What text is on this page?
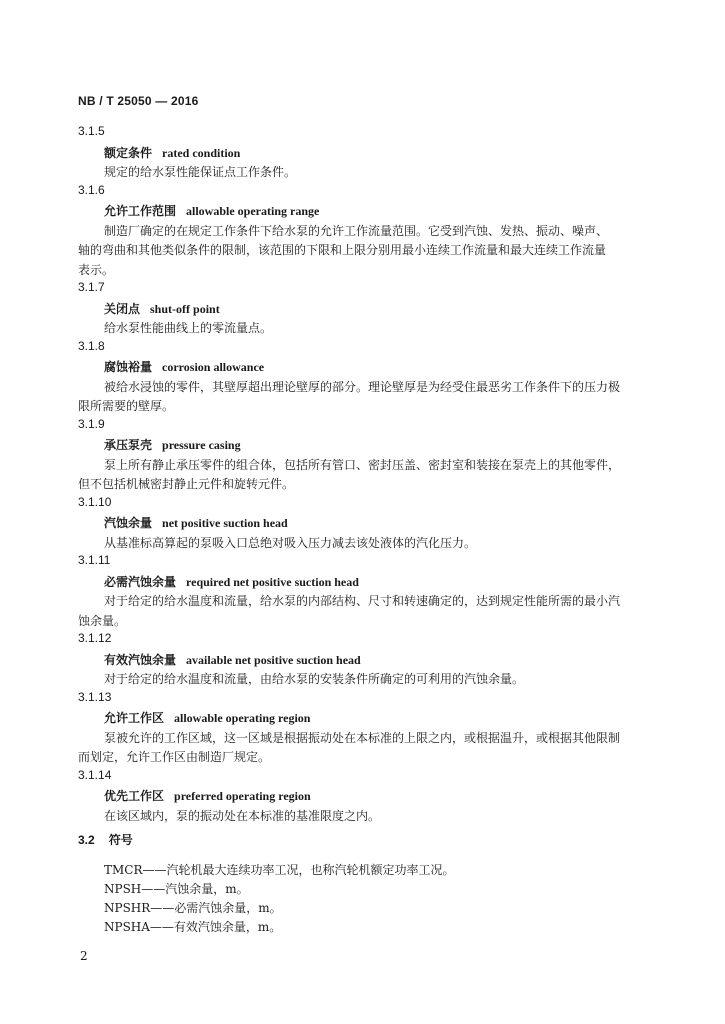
NB / T 25050 — 2016
3.1.5
额定条件 rated condition
规定的给水泵性能保证点工作条件。
3.1.6
允许工作范围 allowable operating range
制造厂确定的在规定工作条件下给水泵的允许工作流量范围。它受到汽蚀、发热、振动、噪声、
轴的弯曲和其他类似条件的限制，该范围的下限和上限分别用最小连续工作流量和最大连续工作流量
表示。
3.1.7
关闭点 shut-off point
给水泵性能曲线上的零流量点。
3.1.8
腐蚀裕量 corrosion allowance
被给水浸蚀的零件，其壁厚超出理论壁厚的部分。理论壁厚是为经受住最恶劣工作条件下的压力极
限所需要的壁厚。
3.1.9
承压泵壳 pressure casing
泵上所有静止承压零件的组合体，包括所有管口、密封压盖、密封室和装接在泵壳上的其他零件，
但不包括机械密封静止元件和旋转元件。
3.1.10
汽蚀余量 net positive suction head
从基准标高算起的泵吸入口总绝对吸入压力减去该处液体的汽化压力。
3.1.11
必需汽蚀余量 required net positive suction head
对于给定的给水温度和流量，给水泵的内部结构、尺寸和转速确定的，达到规定性能所需的最小汽
蚀余量。
3.1.12
有效汽蚀余量 available net positive suction head
对于给定的给水温度和流量，由给水泵的安装条件所确定的可利用的汽蚀余量。
3.1.13
允许工作区 allowable operating region
泵被允许的工作区域，这一区域是根据振动处在本标准的上限之内，或根据温升，或根据其他限制
而划定，允许工作区由制造厂规定。
3.1.14
优先工作区 preferred operating region
在该区域内，泵的振动处在本标准的基准限度之内。
3.2 符号
TMCR——汽轮机最大连续功率工况，也称汽轮机额定功率工况。
NPSH——汽蚀余量，m。
NPSHR——必需汽蚀余量，m。
NPSHA——有效汽蚀余量，m。
2
